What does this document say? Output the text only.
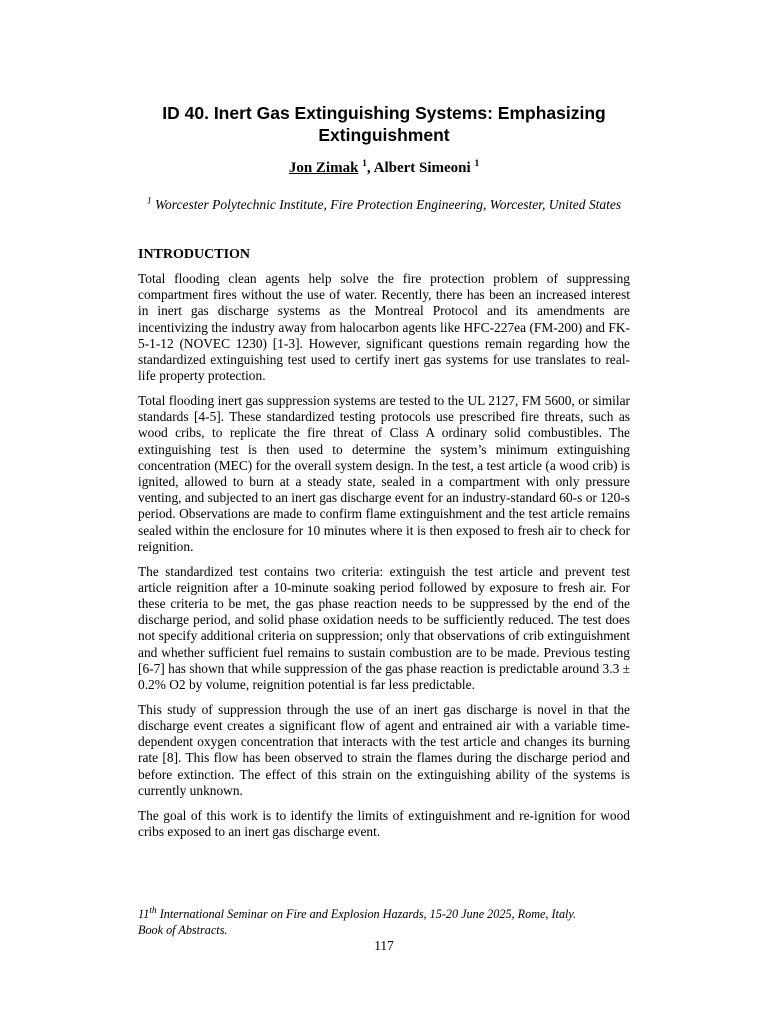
ID 40. Inert Gas Extinguishing Systems: Emphasizing Extinguishment
Jon Zimak $^1$, Albert Simeoni $^1$
$^1$ Worcester Polytechnic Institute, Fire Protection Engineering, Worcester, United States
INTRODUCTION

Total flooding clean agents help solve the fire protection problem of suppressing compartment fires without the use of water. Recently, there has been an increased interest in inert gas discharge systems as the Montreal Protocol and its amendments are incentivizing the industry away from halocarbon agents like HFC-227ea (FM-200) and FK-5-1-12 (NOVEC 1230) [1-3]. However, significant questions remain regarding how the standardized extinguishing test used to certify inert gas systems for use translates to real-life property protection.

Total flooding inert gas suppression systems are tested to the UL 2127, FM 5600, or similar standards [4-5]. These standardized testing protocols use prescribed fire threats, such as wood cribs, to replicate the fire threat of Class A ordinary solid combustibles. The extinguishing test is then used to determine the system’s minimum extinguishing concentration (MEC) for the overall system design. In the test, a test article (a wood crib) is ignited, allowed to burn at a steady state, sealed in a compartment with only pressure venting, and subjected to an inert gas discharge event for an industry-standard 60-s or 120-s period. Observations are made to confirm flame extinguishment and the test article remains sealed within the enclosure for 10 minutes where it is then exposed to fresh air to check for reignition.

The standardized test contains two criteria: extinguish the test article and prevent test article reignition after a 10-minute soaking period followed by exposure to fresh air. For these criteria to be met, the gas phase reaction needs to be suppressed by the end of the discharge period, and solid phase oxidation needs to be sufficiently reduced. The test does not specify additional criteria on suppression; only that observations of crib extinguishment and whether sufficient fuel remains to sustain combustion are to be made. Previous testing [6-7] has shown that while suppression of the gas phase reaction is predictable around 3.3 ± 0.2% O2 by volume, reignition potential is far less predictable.

This study of suppression through the use of an inert gas discharge is novel in that the discharge event creates a significant flow of agent and entrained air with a variable time-dependent oxygen concentration that interacts with the test article and changes its burning rate [8]. This flow has been observed to strain the flames during the discharge period and before extinction. The effect of this strain on the extinguishing ability of the systems is currently unknown.

The goal of this work is to identify the limits of extinguishment and re-ignition for wood cribs exposed to an inert gas discharge event.

11th International Seminar on Fire and Explosion Hazards, 15-20 June 2025, Rome, Italy.
Book of Abstracts.
117
